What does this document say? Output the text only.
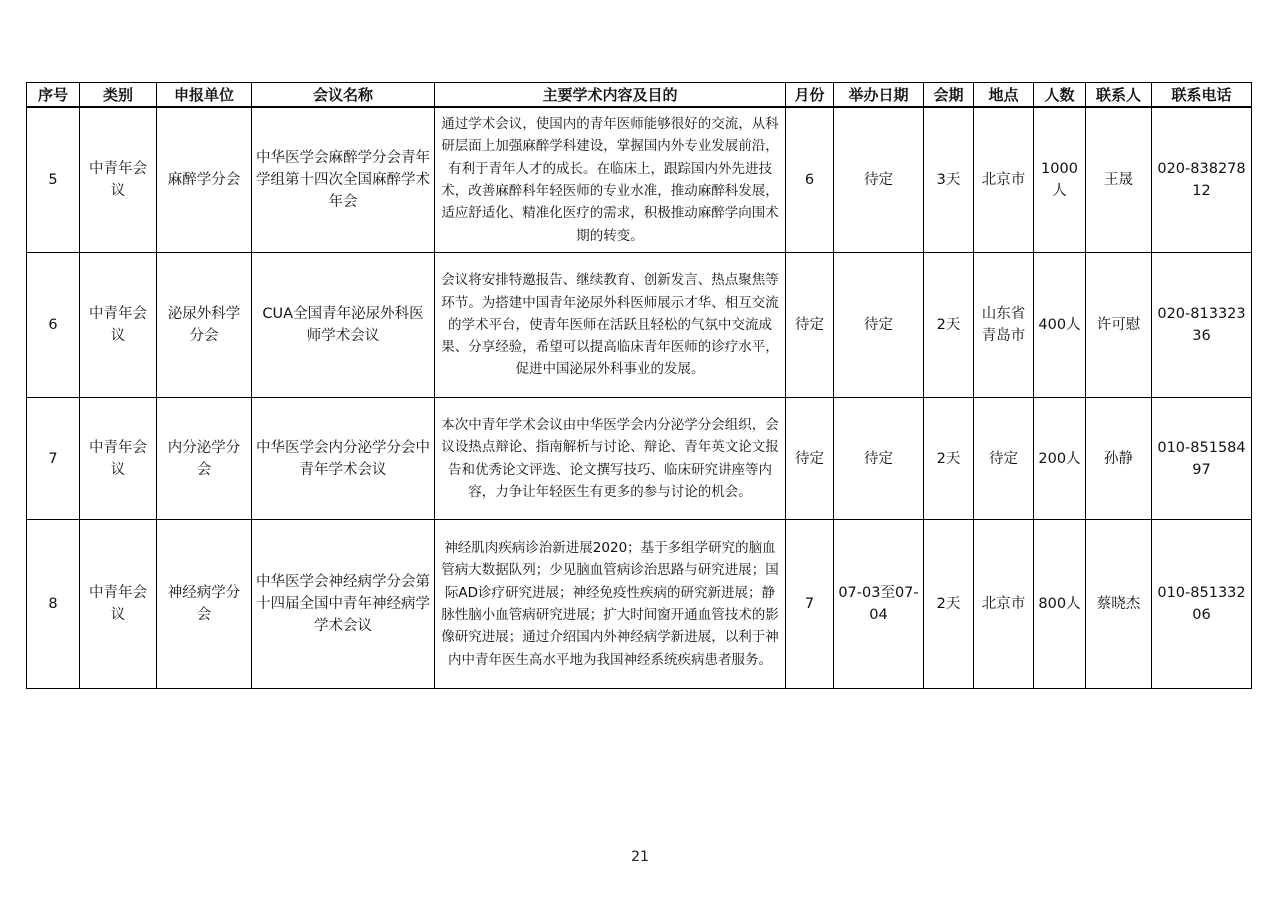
序号	类别	申报单位	会议名称	主要学术内容及目的	月份	举办日期	会期	地点	人数	联系人	联系电话
5	中青年会议	麻醉学分会	中华医学会麻醉学分会青年学组第十四次全国麻醉学术年会	通过学术会议，使国内的青年医师能够很好的交流，从科研层面上加强麻醉学科建设，掌握国内外专业发展前沿，有利于青年人才的成长。在临床上，跟踪国内外先进技术，改善麻醉科年轻医师的专业水准，推动麻醉科发展，适应舒适化、精准化医疗的需求，积极推动麻醉学向围术期的转变。	6	待定	3天	北京市	1000人	王晟	020-83827812
6	中青年会议	泌尿外科学分会	CUA全国青年泌尿外科医师学术会议	会议将安排特邀报告、继续教育、创新发言、热点聚焦等环节。为搭建中国青年泌尿外科医师展示才华、相互交流的学术平台，使青年医师在活跃且轻松的气氛中交流成果、分享经验，希望可以提高临床青年医师的诊疗水平，促进中国泌尿外科事业的发展。	待定	待定	2天	山东省青岛市	400人	许可慰	020-81332336
7	中青年会议	内分泌学分会	中华医学会内分泌学分会中青年学术会议	本次中青年学术会议由中华医学会内分泌学分会组织，会议设热点辩论、指南解析与讨论、辩论、青年英文论文报告和优秀论文评选、论文撰写技巧、临床研究讲座等内容，力争让年轻医生有更多的参与讨论的机会。	待定	待定	2天	待定	200人	孙静	010-85158497
8	中青年会议	神经病学分会	中华医学会神经病学分会第十四届全国中青年神经病学学术会议	神经肌肉疾病诊治新进展2020；基于多组学研究的脑血管病大数据队列；少见脑血管病诊治思路与研究进展；国际AD诊疗研究进展；神经免疫性疾病的研究新进展；静脉性脑小血管病研究进展；扩大时间窗开通血管技术的影像研究进展；通过介绍国内外神经病学新进展，以利于神内中青年医生高水平地为我国神经系统疾病患者服务。	7	07-03至07-04	2天	北京市	800人	蔡晓杰	010-85133206
21
